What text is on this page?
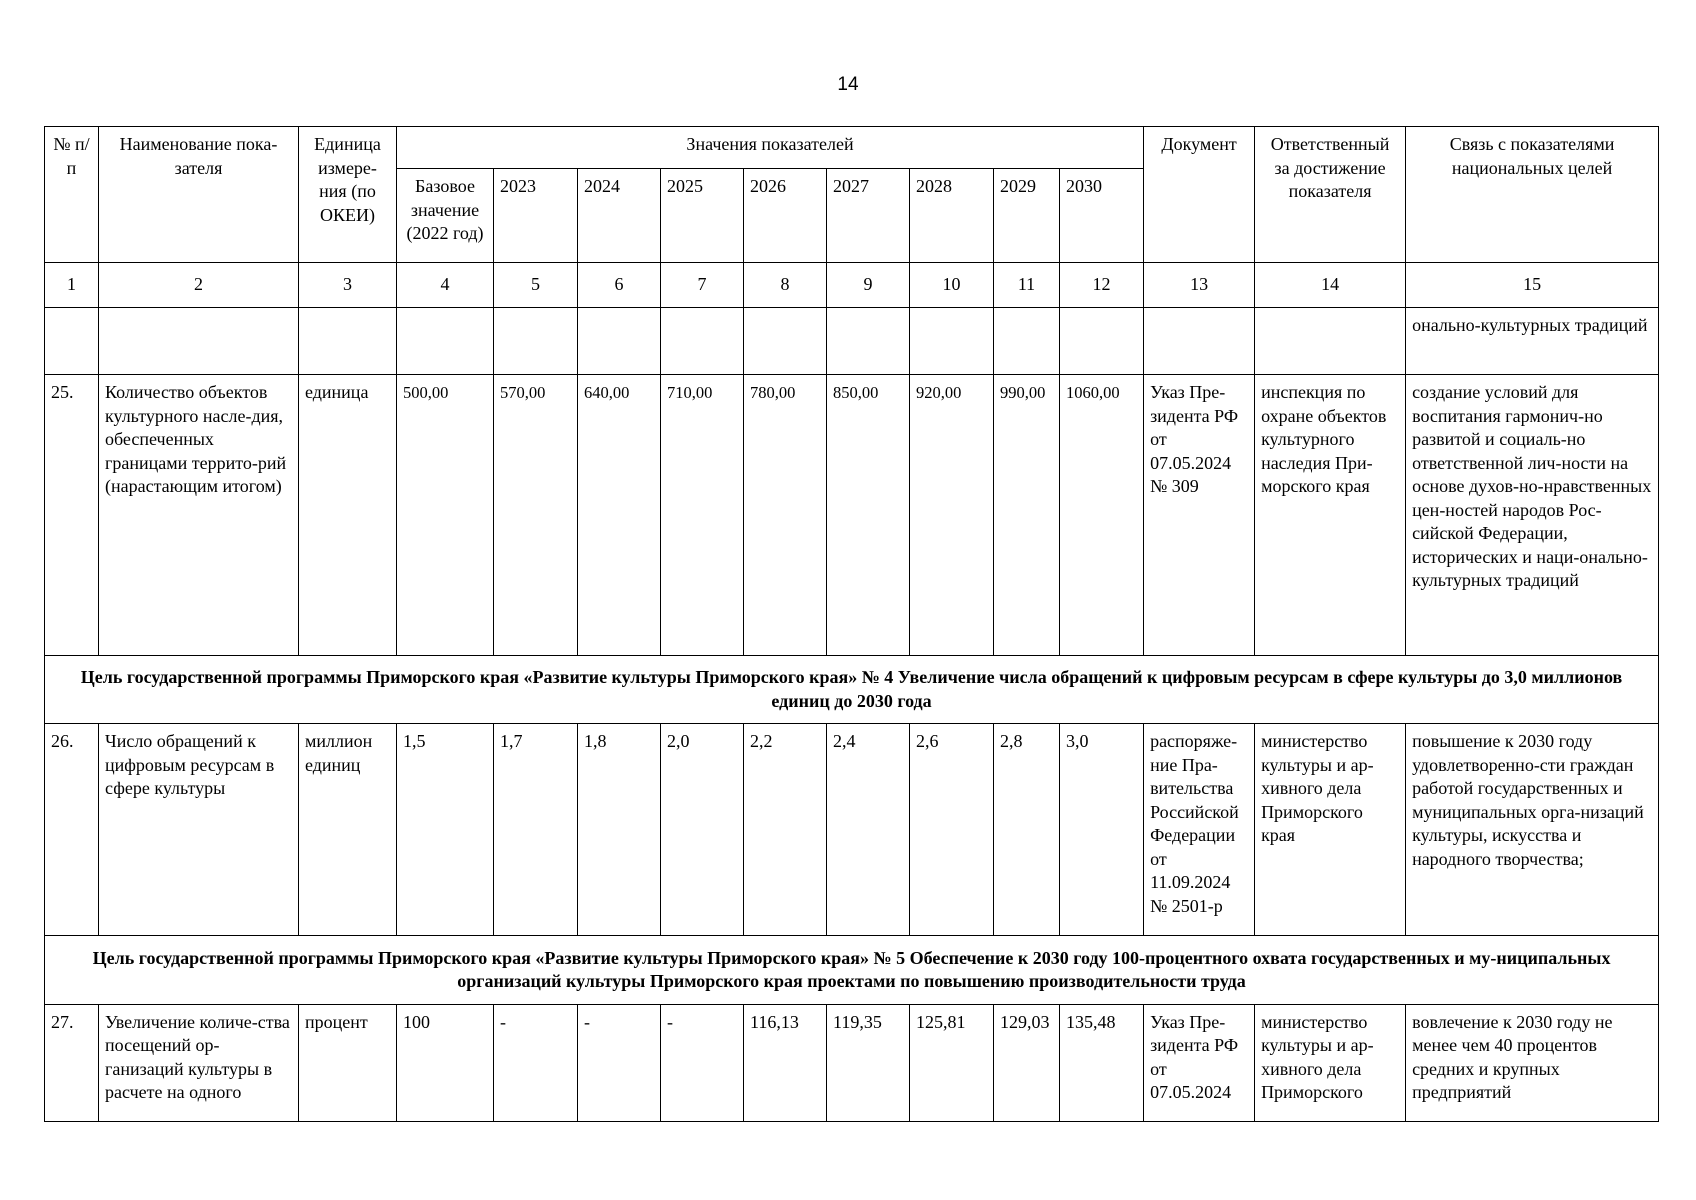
14
№ п/п	Наименование пока-зателя	Единица измере-ния (по ОКЕИ)	Значения показателей									Документ	Ответственный за достижение показателя	Связь с показателями национальных целей
			Базовое значение (2022 год)	2023	2024	2025	2026	2027	2028	2029	2030			
1	2	3	4	5	6	7	8	9	10	11	12	13	14	15
														онально-культурных традиций
25.	Количество объектов культурного насле-дия, обеспеченных границами террито-рий (нарастающим итогом)	единица	500,00	570,00	640,00	710,00	780,00	850,00	920,00	990,00	1060,00	Указ Пре-зидента РФ от 07.05.2024 № 309	инспекция по охране объектов культурного наследия При-морского края	создание условий для воспитания гармонич-но развитой и социаль-но ответственной лич-ности на основе духов-но-нравственных цен-ностей народов Рос-сийской Федерации, исторических и наци-онально-культурных традиций
Цель государственной программы Приморского края «Развитие культуры Приморского края» № 4 Увеличение числа обращений к цифровым ресурсам в сфере культуры до 3,0 миллионов единиц до 2030 года														
26.	Число обращений к цифровым ресурсам в сфере культуры	миллион единиц	1,5	1,7	1,8	2,0	2,2	2,4	2,6	2,8	3,0	распоряже-ние Пра-вительства Российской Федерации от 11.09.2024 № 2501-р	министерство культуры и ар-хивного дела Приморского края	повышение к 2030 году удовлетворенно-сти граждан работой государственных и муниципальных орга-низаций культуры, искусства и народного творчества;
Цель государственной программы Приморского края «Развитие культуры Приморского края» № 5 Обеспечение к 2030 году 100-процентного охвата государственных и му-ниципальных организаций культуры Приморского края проектами по повышению производительности труда														
27.	Увеличение количе-ства посещений ор-ганизаций культуры в расчете на одного	процент	100	-	-	-	116,13	119,35	125,81	129,03	135,48	Указ Пре-зидента РФ от 07.05.2024	министерство культуры и ар-хивного дела Приморского	вовлечение к 2030 году не менее чем 40 процентов средних и крупных предприятий
